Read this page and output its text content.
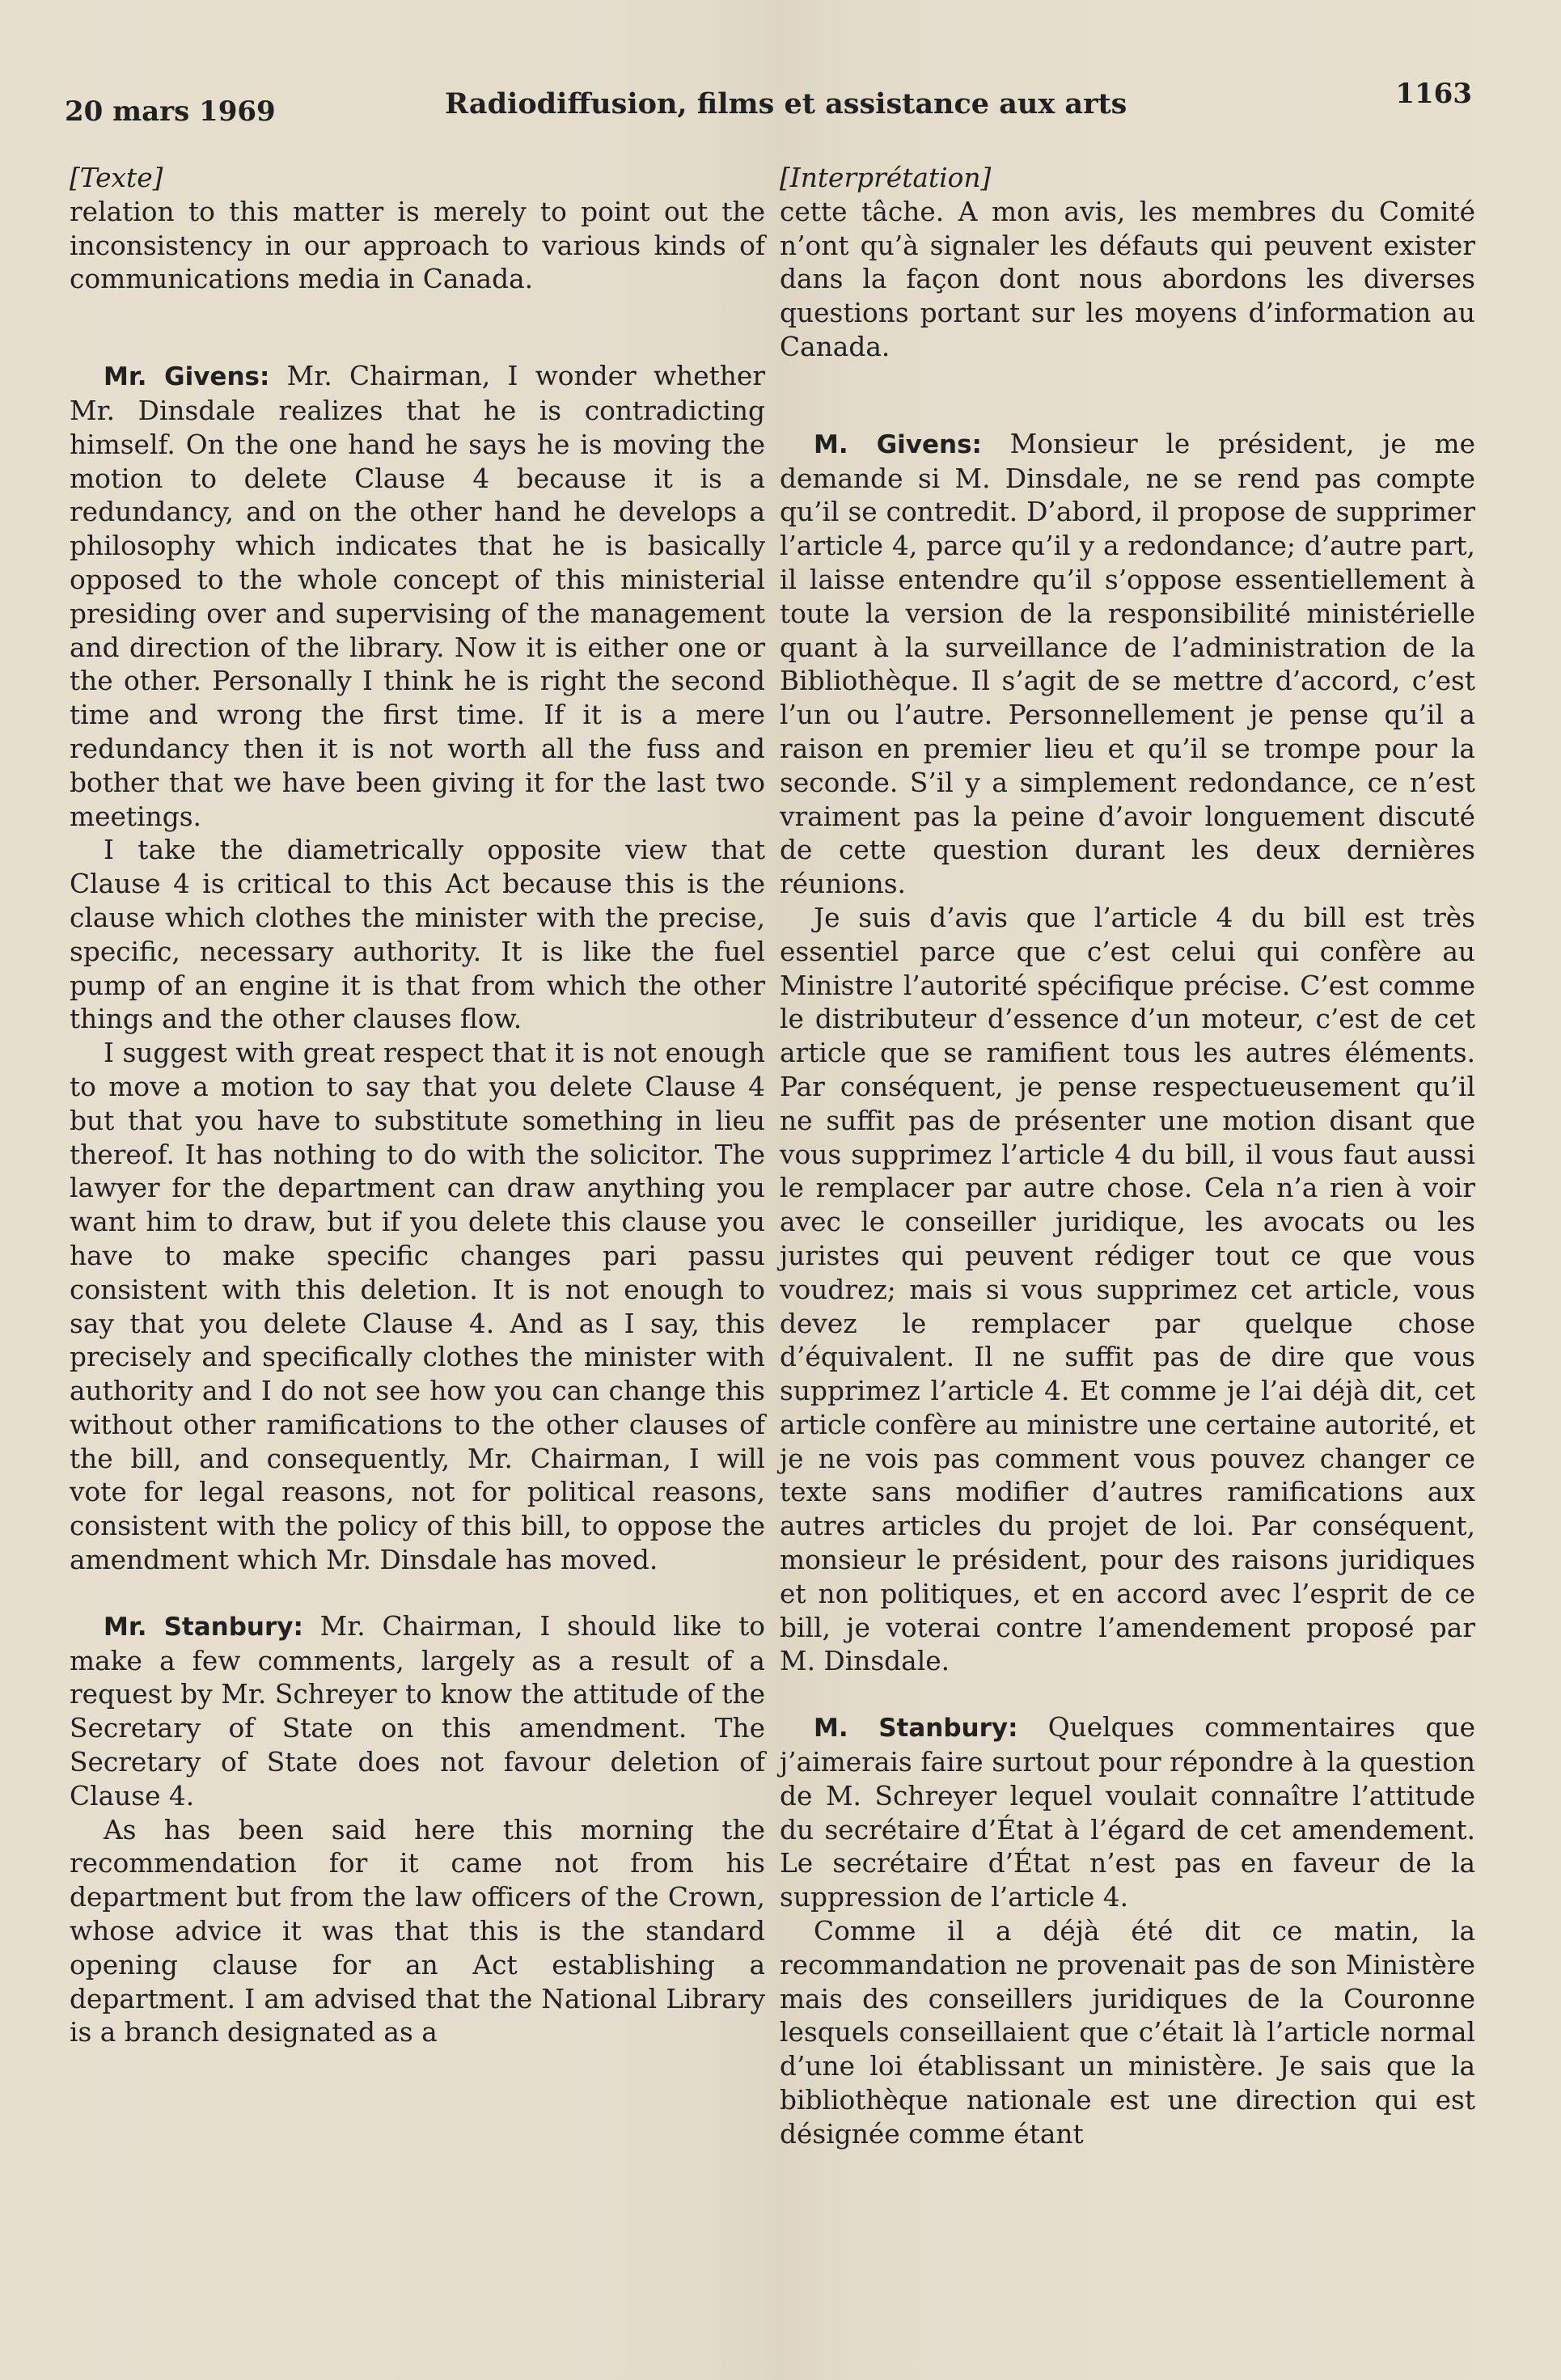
20 mars 1969	Radiodiffusion, films et assistance aux arts	1163

[Texte]

relation to this matter is merely to point out the inconsistency in our approach to various kinds of communications media in Canada.

Mr. Givens: Mr. Chairman, I wonder whether Mr. Dinsdale realizes that he is contradicting himself. On the one hand he says he is moving the motion to delete Clause 4 because it is a redundancy, and on the other hand he develops a philosophy which indicates that he is basically opposed to the whole concept of this ministerial presiding over and supervising of the management and direction of the library. Now it is either one or the other. Personally I think he is right the second time and wrong the first time. If it is a mere redundancy then it is not worth all the fuss and bother that we have been giving it for the last two meetings.

I take the diametrically opposite view that Clause 4 is critical to this Act because this is the clause which clothes the minister with the precise, specific, necessary authority. It is like the fuel pump of an engine it is that from which the other things and the other clauses flow.

I suggest with great respect that it is not enough to move a motion to say that you delete Clause 4 but that you have to substitute something in lieu thereof. It has nothing to do with the solicitor. The lawyer for the department can draw anything you want him to draw, but if you delete this clause you have to make specific changes pari passu consistent with this deletion. It is not enough to say that you delete Clause 4. And as I say, this precisely and specifically clothes the minister with authority and I do not see how you can change this without other ramifications to the other clauses of the bill, and consequently, Mr. Chairman, I will vote for legal reasons, not for political reasons, consistent with the policy of this bill, to oppose the amendment which Mr. Dinsdale has moved.

Mr. Stanbury: Mr. Chairman, I should like to make a few comments, largely as a result of a request by Mr. Schreyer to know the attitude of the Secretary of State on this amendment. The Secretary of State does not favour deletion of Clause 4.

As has been said here this morning the recommendation for it came not from his department but from the law officers of the Crown, whose advice it was that this is the standard opening clause for an Act establishing a department. I am advised that the National Library is a branch designated as a

[Interprétation]

cette tâche. A mon avis, les membres du Comité n’ont qu’à signaler les défauts qui peuvent exister dans la façon dont nous abordons les diverses questions portant sur les moyens d’information au Canada.

M. Givens: Monsieur le président, je me demande si M. Dinsdale, ne se rend pas compte qu’il se contredit. D’abord, il propose de supprimer l’article 4, parce qu’il y a redondance; d’autre part, il laisse entendre qu’il s’oppose essentiellement à toute la version de la responsibilité ministérielle quant à la surveillance de l’administration de la Bibliothèque. Il s’agit de se mettre d’accord, c’est l’un ou l’autre. Personnellement je pense qu’il a raison en premier lieu et qu’il se trompe pour la seconde. S’il y a simplement redondance, ce n’est vraiment pas la peine d’avoir longuement discuté de cette question durant les deux dernières réunions.

Je suis d’avis que l’article 4 du bill est très essentiel parce que c’est celui qui confère au Ministre l’autorité spécifique précise. C’est comme le distributeur d’essence d’un moteur, c’est de cet article que se ramifient tous les autres éléments. Par conséquent, je pense respectueusement qu’il ne suffit pas de présenter une motion disant que vous supprimez l’article 4 du bill, il vous faut aussi le remplacer par autre chose. Cela n’a rien à voir avec le conseiller juridique, les avocats ou les juristes qui peuvent rédiger tout ce que vous voudrez; mais si vous supprimez cet article, vous devez le remplacer par quelque chose d’équivalent. Il ne suffit pas de dire que vous supprimez l’article 4. Et comme je l’ai déjà dit, cet article confère au ministre une certaine autorité, et je ne vois pas comment vous pouvez changer ce texte sans modifier d’autres ramifications aux autres articles du projet de loi. Par conséquent, monsieur le président, pour des raisons juridiques et non politiques, et en accord avec l’esprit de ce bill, je voterai contre l’amendement proposé par M. Dinsdale.

M. Stanbury: Quelques commentaires que j’aimerais faire surtout pour répondre à la question de M. Schreyer lequel voulait connaître l’attitude du secrétaire d’État à l’égard de cet amendement. Le secrétaire d’État n’est pas en faveur de la suppression de l’article 4.

Comme il a déjà été dit ce matin, la recommandation ne provenait pas de son Ministère mais des conseillers juridiques de la Couronne lesquels conseillaient que c’était là l’article normal d’une loi établissant un ministère. Je sais que la bibliothèque nationale est une direction qui est désignée comme étant
